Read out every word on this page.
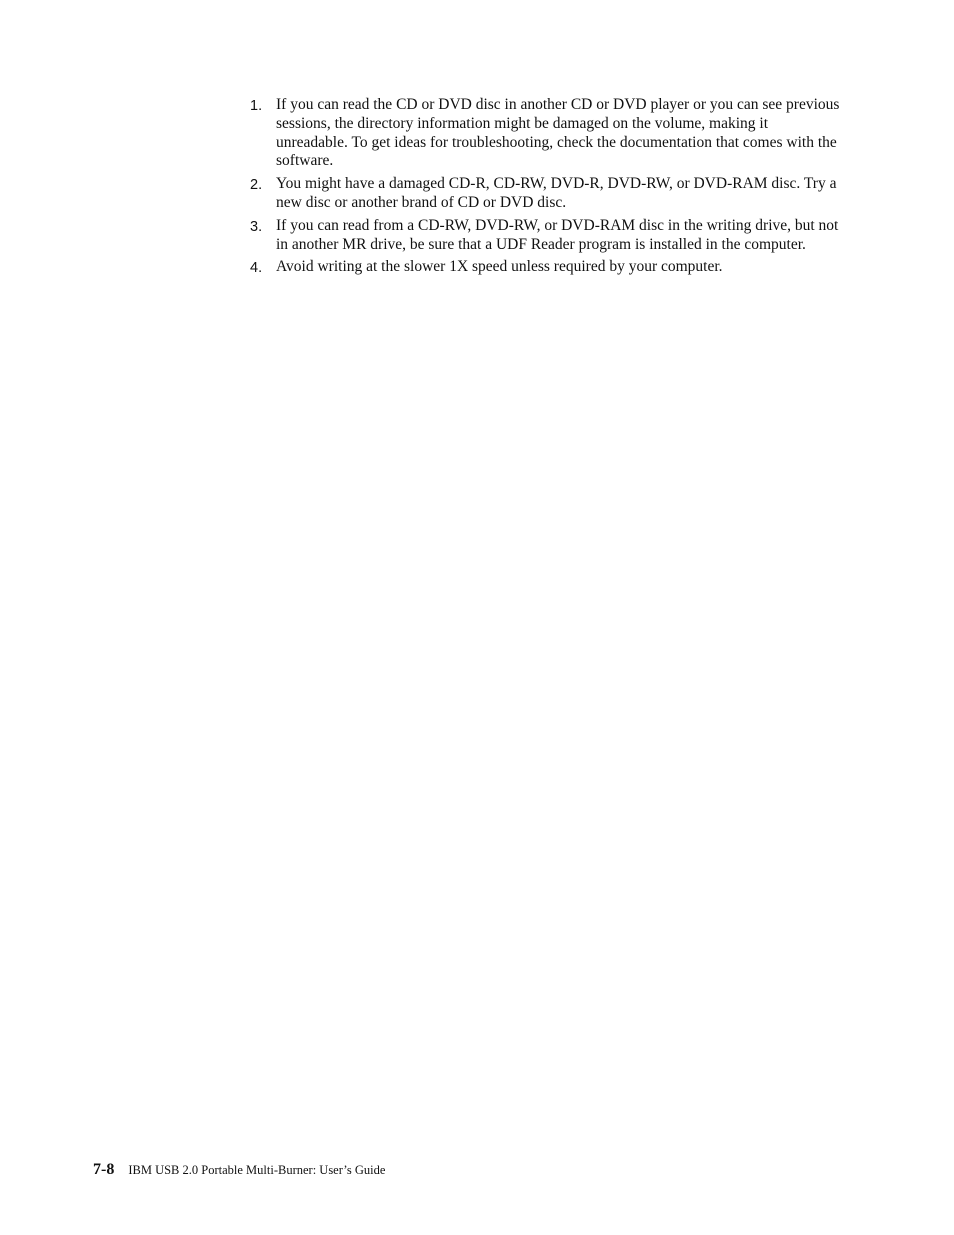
1. If you can read the CD or DVD disc in another CD or DVD player or you can see previous sessions, the directory information might be damaged on the volume, making it unreadable. To get ideas for troubleshooting, check the documentation that comes with the software.
2. You might have a damaged CD-R, CD-RW, DVD-R, DVD-RW, or DVD-RAM disc. Try a new disc or another brand of CD or DVD disc.
3. If you can read from a CD-RW, DVD-RW, or DVD-RAM disc in the writing drive, but not in another MR drive, be sure that a UDF Reader program is installed in the computer.
4. Avoid writing at the slower 1X speed unless required by your computer.
7-8 IBM USB 2.0 Portable Multi-Burner: User’s Guide
